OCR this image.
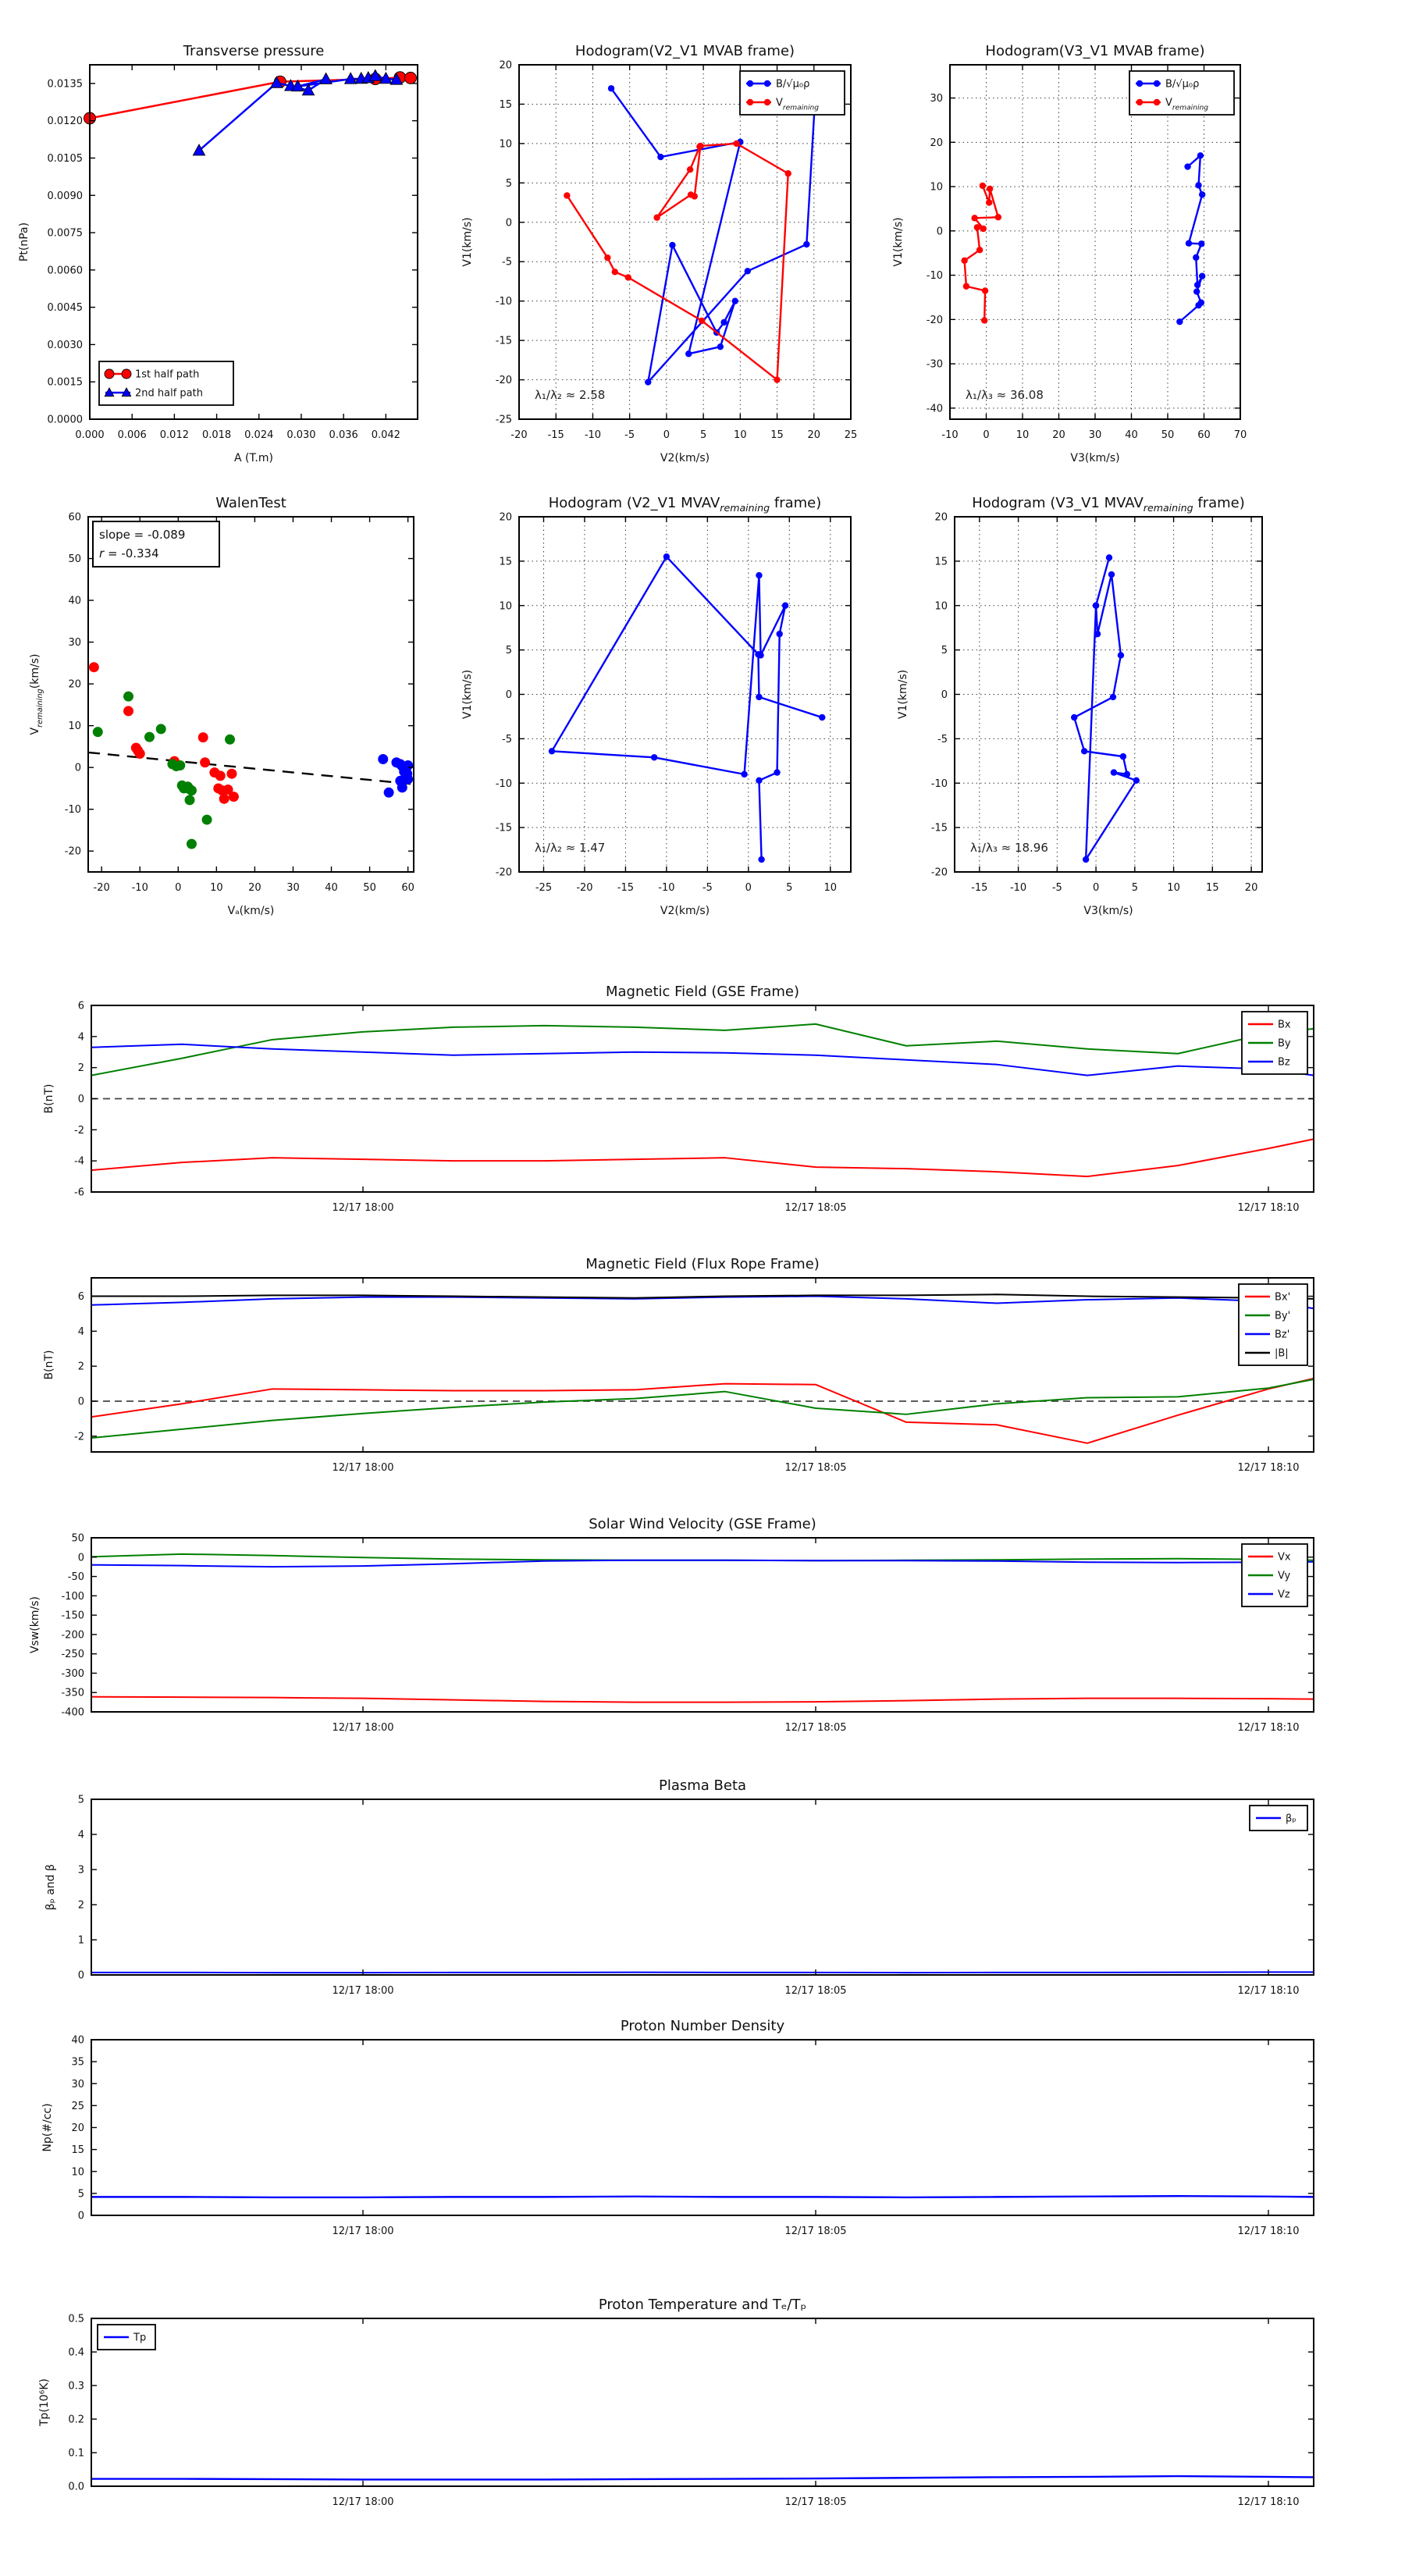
0.000 0.006 0.012 0.018 0.024 0.030 0.036 0.042
0.0000
0.0015
0.0030
0.0045
0.0060
0.0075
0.0090
0.0105
0.0120
0.0135
Transverse pressure
A (T.m)
Pt(nPa)
1st half path
2nd half path
-20 -15 -10 -5	0	5	10 15 20 25
-25
-20
-15
-10
-5
0
5
10
15
20
Hodogram(V2_V1 MVAB frame)
V2(km/s)
V1(km/s)
B/√μ₀ρ
$V_{remaining}$
λ₁/λ₂ ≈ 2.58
-10 0	10 20 30 40 50 60 70
-40
-30
-20
-10
0
10
20
30
Hodogram(V3_V1 MVAB frame)
V3(km/s)
V1(km/s)
B/√μ₀ρ
$V_{remaining}$
λ₁/λ₃ ≈ 36.08
-20 -10	0	10	20	30	40	50	60
-20
-10
0
10
20
30
40
50
60
WalenTest
Vₐ(km/s)
$V_{remaining}(km/s)$
slope = -0.089
r = -0.334
-25 -20 -15 -10	-5	0	5	10
-20
-15
-10
-5
0
5
10
15
20
Hodogram (V2_V1 $MVAV_{remaining}$ frame)
V2(km/s)
V1(km/s)
λ₁/λ₂ ≈ 1.47
-15 -10	-5	0	5	10	15	20
-20
-15
-10
-5
0
5
10
15
20
Hodogram (V3_V1 $MVAV_{remaining}$ frame)
V3(km/s)
V1(km/s)
λ₁/λ₃ ≈ 18.96
12/17 18:00	12/17 18:05	12/17 18:10
-6
-4
-2
0
2
4
6
Magnetic Field (GSE Frame)
B(nT)
Bx
By
Bz
12/17 18:00	12/17 18:05	12/17 18:10
-2
0
2
4
6
Magnetic Field (Flux Rope Frame)
B(nT)
Bx'
By'
Bz'
|B|
12/17 18:00	12/17 18:05	12/17 18:10
50
0
-50
-100
-150
-200
-250
-300
-350
-400
Solar Wind Velocity (GSE Frame)
Vsw(km/s)
Vx
Vy
Vz
12/17 18:00	12/17 18:05	12/17 18:10
0
1
2
3
4
5
Plasma Beta
βₚ and β
βₚ
12/17 18:00	12/17 18:05	12/17 18:10
0
5
10
15
20
25
30
35
40
Proton Number Density
Np(#/cc)
12/17 18:00	12/17 18:05	12/17 18:10
0.0
0.1
0.2
0.3
0.4
0.5
Proton Temperature and Tₑ/Tₚ
Tp(10⁶K)
Tp
